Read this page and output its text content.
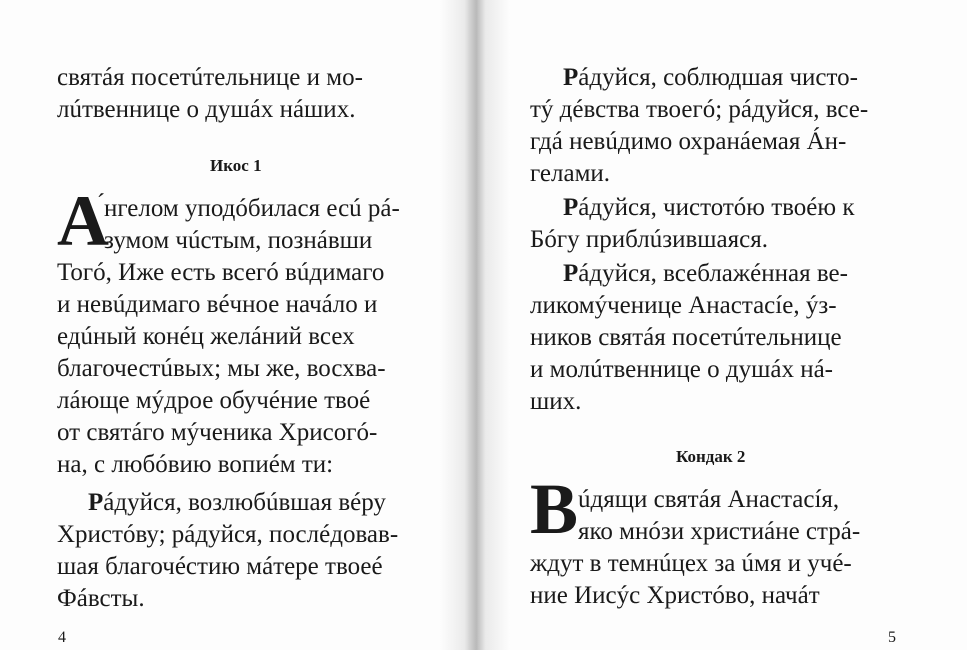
святáя посетúтельнице и мо-
лúтвеннице о душáх нáших.
Икос 1
А
́нгелом уподóбилася есú рá-
зумом чúстым, познáвши
Тогó, Иже есть всегó вúдимаго
и невúдимаго вéчное начáло и
едúный конéц желáний всех
благочестúвых; мы же, восхва-
лáюще мýдрое обучéние твоé
от святáго мýченика Хрисогó-
на, с любóвию вопиéм ти:
Рáдуйся, возлюбúвшая вéру
Христóву; рáдуйся, послéдовав-
шая благочéстию мáтере твоеé
Фáвсты.
4
Рáдуйся, соблюдшая чисто-
тý дéвства твоегó; рáдуйся, все-
гдá невúдимо охранáемая Áн-
гелами.
Рáдуйся, чистотóю твоéю к
Бóгу приблúзившаяся.
Рáдуйся, всеблажéнная ве-
ликомýченице Анастасíе, ýз-
ников святáя посетúтельнице
и молúтвеннице о душáх нá-
ших.
Кондак 2
В úдящи святáя Анастасíя,
яко мнóзи христиáне стрá-
ждут в темнúцех за úмя и учé-
ние Иисýс Христóво, начáт
5
